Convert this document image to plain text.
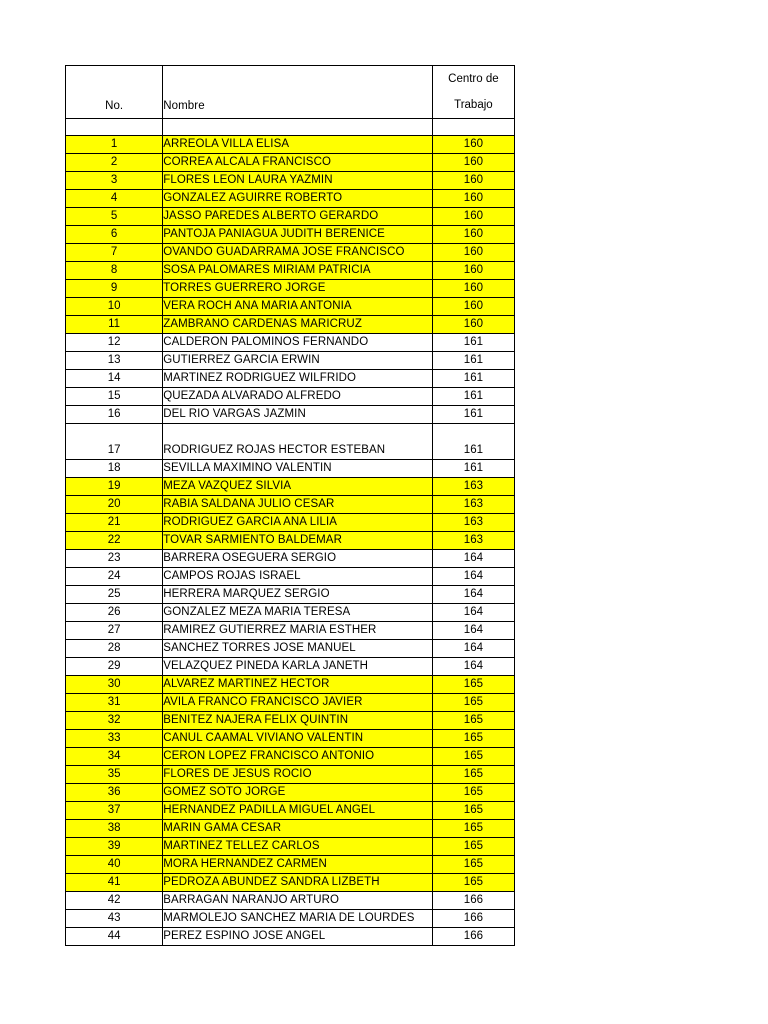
No.	Nombre	Centro de
Trabajo

1	ARREOLA VILLA ELISA	160
2	CORREA ALCALA FRANCISCO	160
3	FLORES LEON LAURA YAZMIN	160
4	GONZALEZ AGUIRRE ROBERTO	160
5	JASSO PAREDES ALBERTO GERARDO	160
6	PANTOJA PANIAGUA JUDITH BERENICE	160
7	OVANDO GUADARRAMA JOSE FRANCISCO	160
8	SOSA PALOMARES MIRIAM PATRICIA	160
9	TORRES GUERRERO JORGE	160
10	VERA ROCH ANA MARIA ANTONIA	160
11	ZAMBRANO CARDENAS MARICRUZ	160
12	CALDERON PALOMINOS FERNANDO	161
13	GUTIERREZ GARCIA ERWIN	161
14	MARTINEZ RODRIGUEZ WILFRIDO	161
15	QUEZADA ALVARADO ALFREDO	161
16	DEL RIO VARGAS JAZMIN	161
17	RODRIGUEZ ROJAS HECTOR ESTEBAN	161
18	SEVILLA MAXIMINO VALENTIN	161
19	MEZA VAZQUEZ SILVIA	163
20	RABIA SALDANA JULIO CESAR	163
21	RODRIGUEZ GARCIA ANA LILIA	163
22	TOVAR SARMIENTO BALDEMAR	163
23	BARRERA OSEGUERA SERGIO	164
24	CAMPOS ROJAS ISRAEL	164
25	HERRERA MARQUEZ SERGIO	164
26	GONZALEZ MEZA MARIA TERESA	164
27	RAMIREZ GUTIERREZ MARIA ESTHER	164
28	SANCHEZ TORRES JOSE MANUEL	164
29	VELAZQUEZ PINEDA KARLA JANETH	164
30	ALVAREZ MARTINEZ HECTOR	165
31	AVILA FRANCO FRANCISCO JAVIER	165
32	BENITEZ NAJERA FELIX QUINTIN	165
33	CANUL CAAMAL VIVIANO VALENTIN	165
34	CERON LOPEZ FRANCISCO ANTONIO	165
35	FLORES DE JESUS ROCIO	165
36	GOMEZ SOTO JORGE	165
37	HERNANDEZ PADILLA MIGUEL ANGEL	165
38	MARIN GAMA CESAR	165
39	MARTINEZ TELLEZ CARLOS	165
40	MORA HERNANDEZ CARMEN	165
41	PEDROZA ABUNDEZ SANDRA LIZBETH	165
42	BARRAGAN NARANJO ARTURO	166
43	MARMOLEJO SANCHEZ MARIA DE LOURDES	166
44	PEREZ ESPINO JOSE ANGEL	166
